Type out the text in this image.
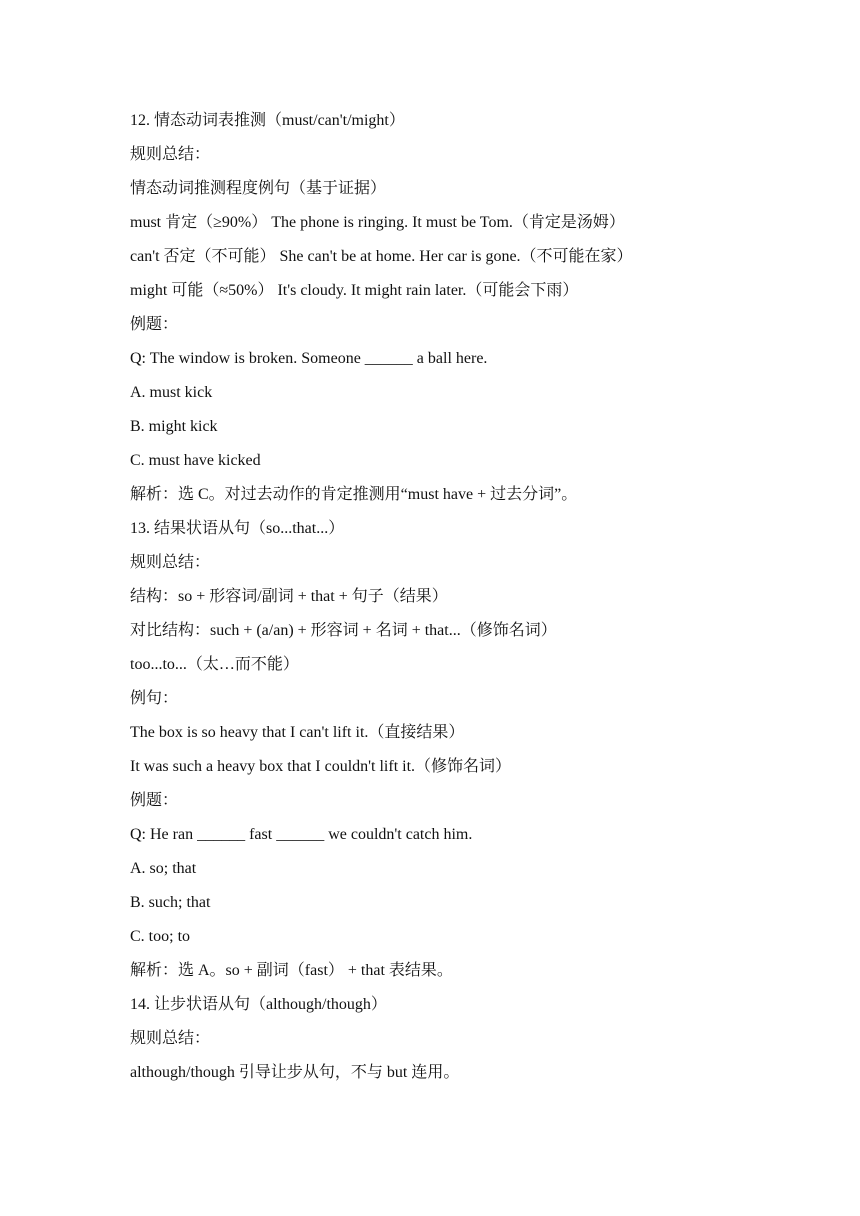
12. 情态动词表推测（must/can't/might）
规则总结：
情态动词推测程度例句（基于证据）
must 肯定（≥90%） The phone is ringing. It must be Tom.（肯定是汤姆）
can't 否定（不可能） She can't be at home. Her car is gone.（不可能在家）
might 可能（≈50%） It's cloudy. It might rain later.（可能会下雨）
例题：
Q: The window is broken. Someone ______ a ball here.
A. must kick
B. might kick
C. must have kicked
解析：选 C。对过去动作的肯定推测用“must have + 过去分词”。
13. 结果状语从句（so...that...）
规则总结：
结构：so + 形容词/副词 + that + 句子（结果）
对比结构：such + (a/an) + 形容词 + 名词 + that...（修饰名词）
too...to...（太…而不能）
例句：
The box is so heavy that I can't lift it.（直接结果）
It was such a heavy box that I couldn't lift it.（修饰名词）
例题：
Q: He ran ______ fast ______ we couldn't catch him.
A. so; that
B. such; that
C. too; to
解析：选 A。so + 副词（fast） + that 表结果。
14. 让步状语从句（although/though）
规则总结：
although/though 引导让步从句，不与 but 连用。
